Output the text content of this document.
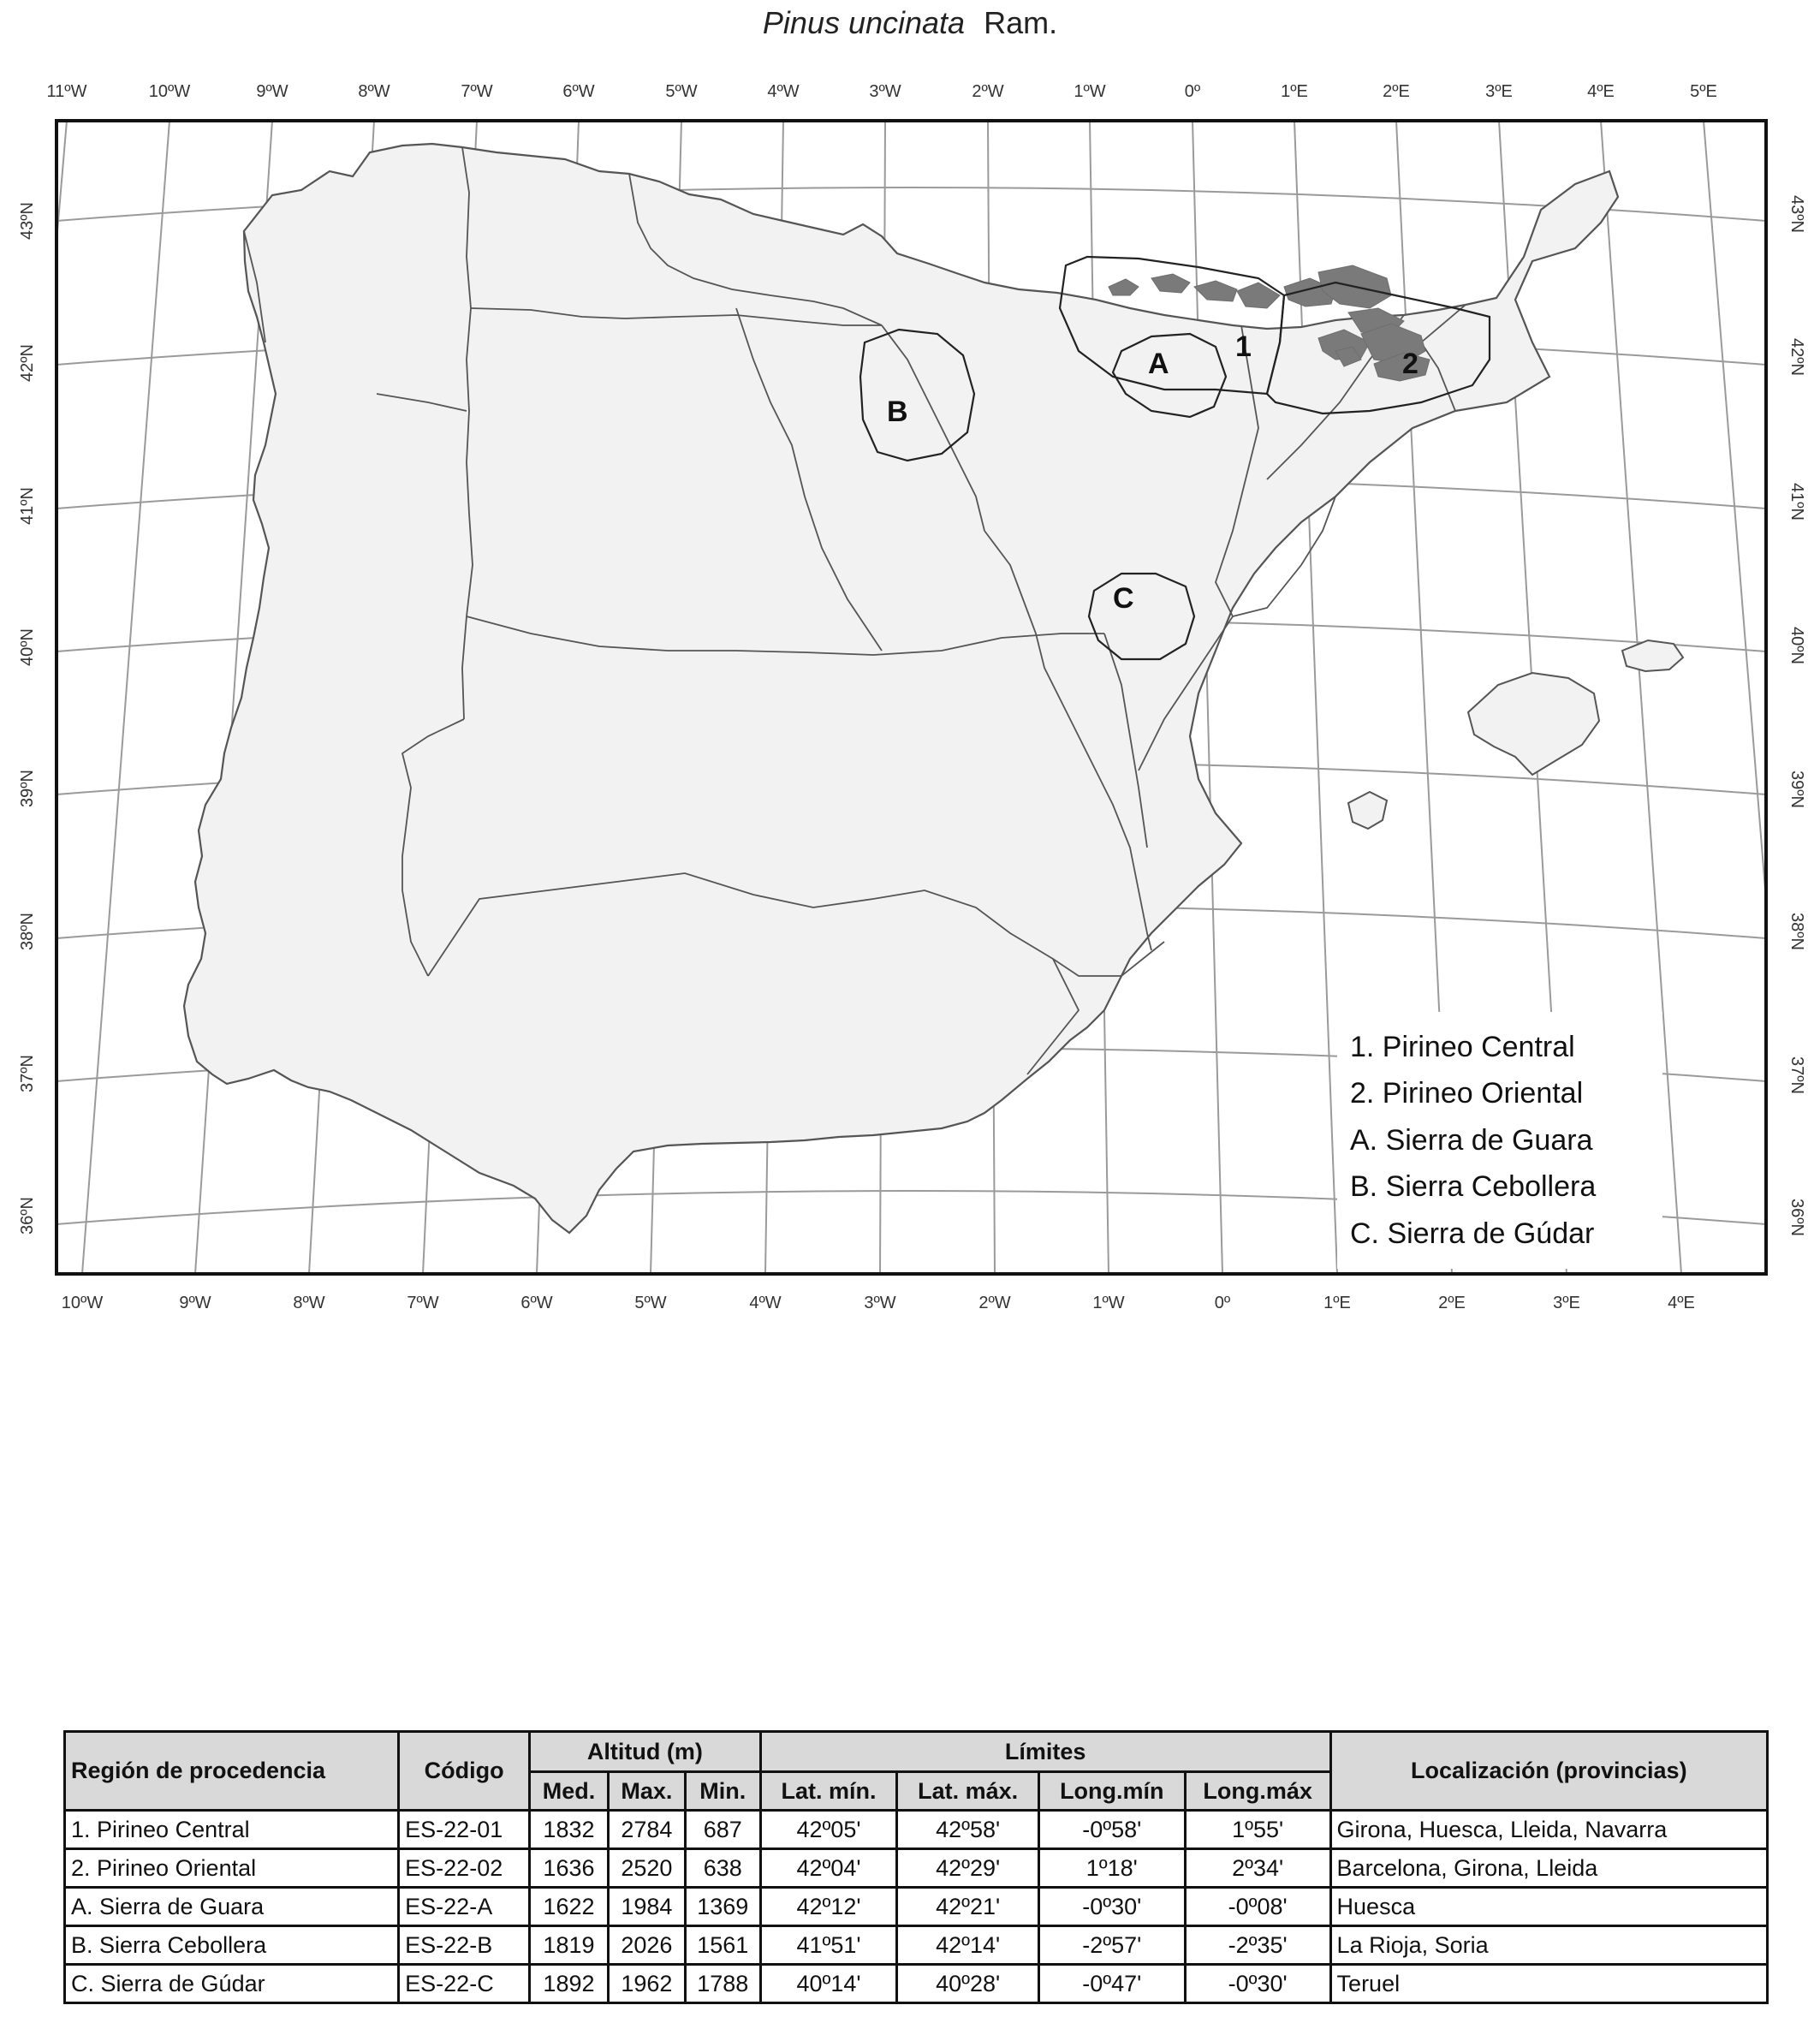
Pinus uncinata Ram.
A
1
2
B
C
1. Pirineo Central
2. Pirineo Oriental
A. Sierra de Guara
B. Sierra Cebollera
C. Sierra de Gúdar
11ºW	10ºW	9ºW	8ºW	7ºW	6ºW	5ºW	4ºW	3ºW	2ºW	1ºW	0º	1ºE	2ºE	3ºE	4ºE	5ºE
10ºW	9ºW	8ºW	7ºW	6ºW	5ºW	4ºW	3ºW	2ºW	1ºW	0º	1ºE	2ºE	3ºE	4ºE
43ºN
42ºN
41ºN
40ºN
39ºN
38ºN
37ºN
36ºN
43ºN
42ºN
41ºN
40ºN
39ºN
38ºN
37ºN
36ºN
Región de procedencia	Código	Altitud (m)			Límites				Localización (provincias)
		Med.	Max.	Min.	Lat. mín.	Lat. máx.	Long.mín	Long.máx	
1. Pirineo Central	ES-22-01	1832	2784	687	42º05'	42º58'	-0º58'	1º55'	Girona, Huesca, Lleida, Navarra
2. Pirineo Oriental	ES-22-02	1636	2520	638	42º04'	42º29'	1º18'	2º34'	Barcelona, Girona, Lleida
A. Sierra de Guara	ES-22-A	1622	1984	1369	42º12'	42º21'	-0º30'	-0º08'	Huesca
B. Sierra Cebollera	ES-22-B	1819	2026	1561	41º51'	42º14'	-2º57'	-2º35'	La Rioja, Soria
C. Sierra de Gúdar	ES-22-C	1892	1962	1788	40º14'	40º28'	-0º47'	-0º30'	Teruel
